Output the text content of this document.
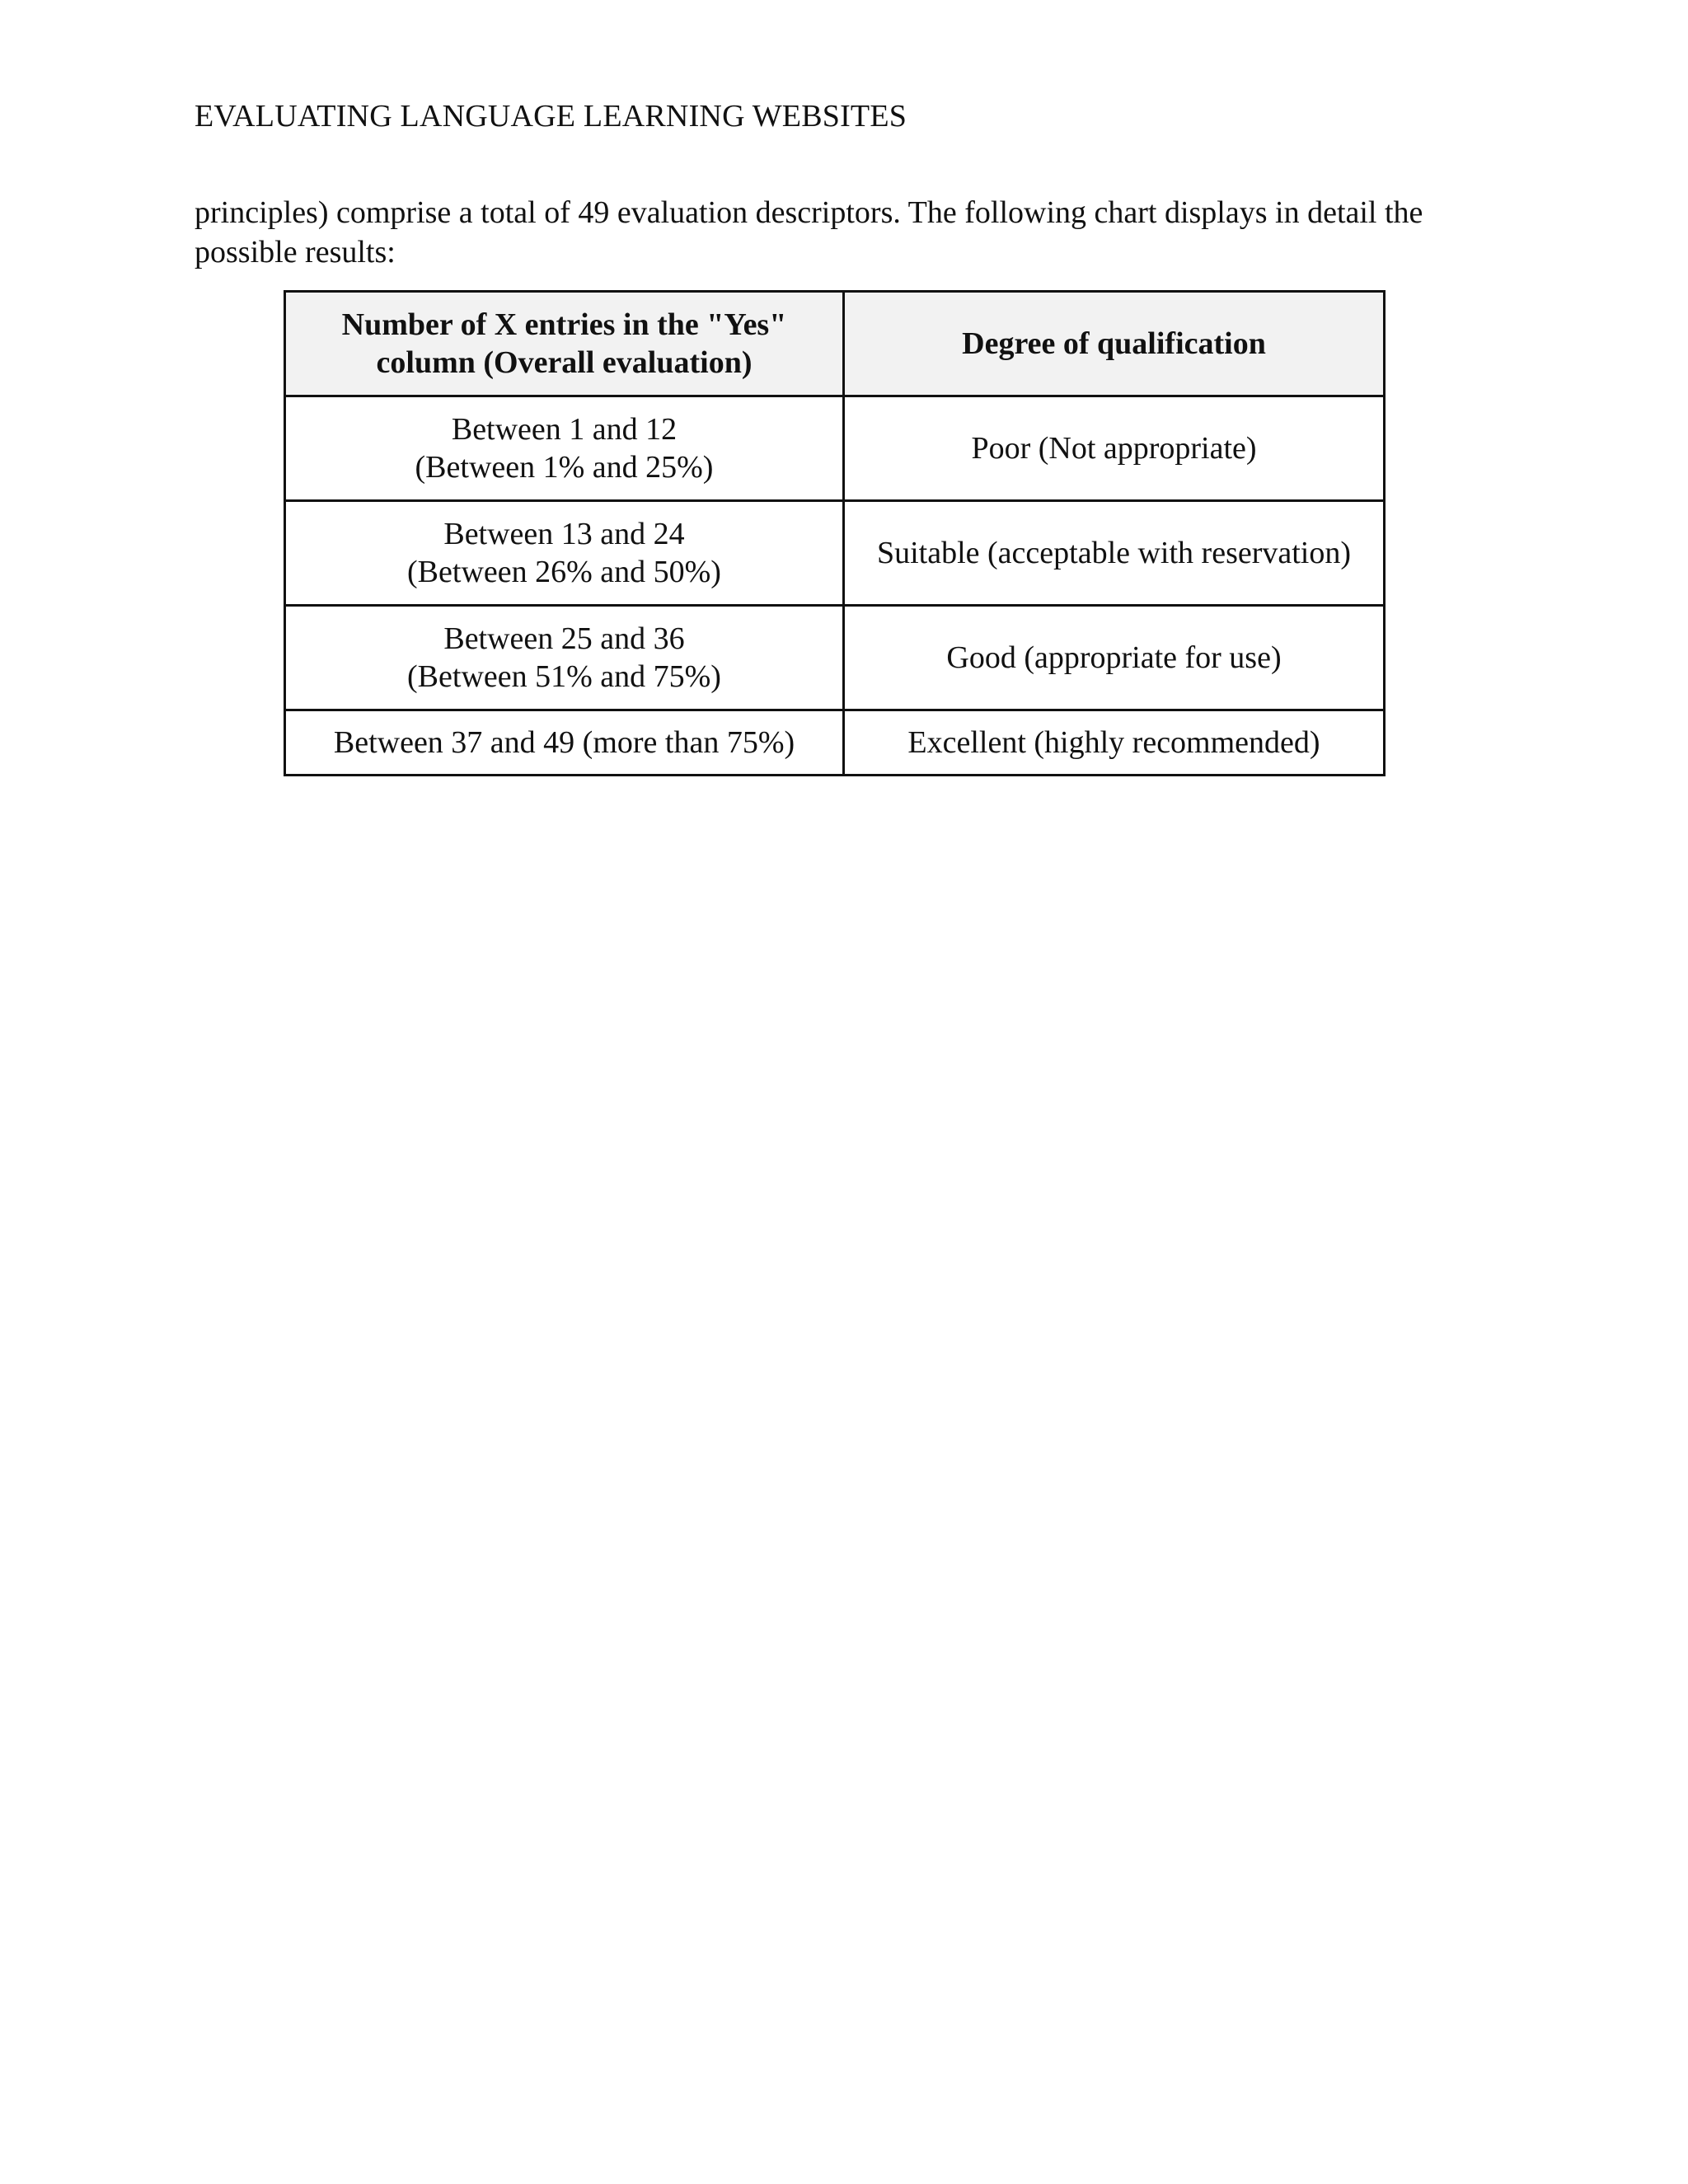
EVALUATING LANGUAGE LEARNING WEBSITES

principles) comprise a total of 49 evaluation descriptors. The following chart displays in detail the
possible results:

Number of X entries in the "Yes"
column (Overall evaluation)	Degree of qualification

Between 1 and 12
(Between 1% and 25%)	Poor (Not appropriate)

Between 13 and 24
(Between 26% and 50%)	Suitable (acceptable with reservation)

Between 25 and 36
(Between 51% and 75%)	Good (appropriate for use)

Between 37 and 49 (more than 75%)	Excellent (highly recommended)
